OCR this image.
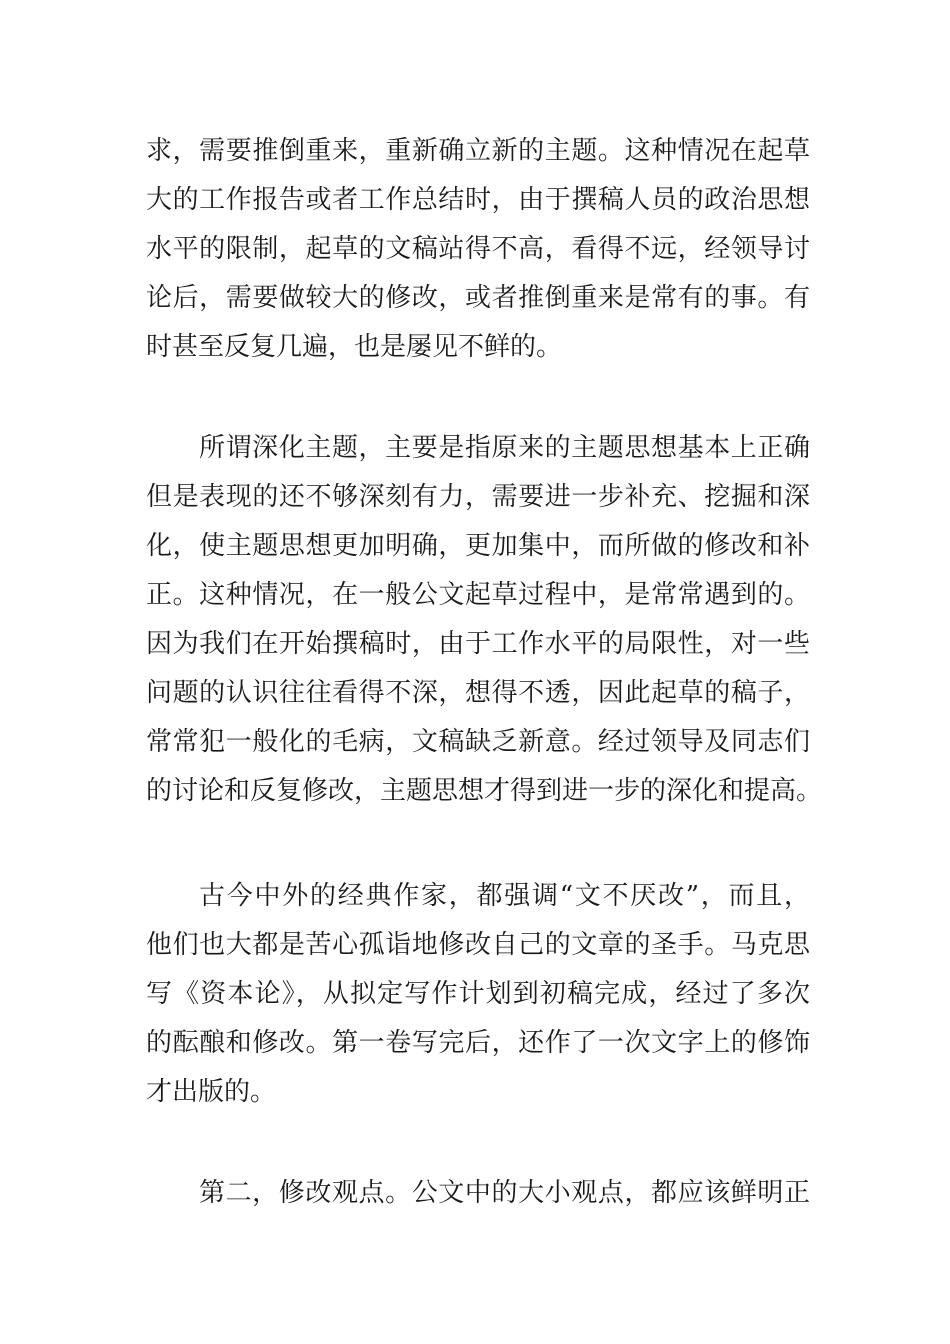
求，需要推倒重来，重新确立新的主题。这种情况在起草
大的工作报告或者工作总结时，由于撰稿人员的政治思想
水平的限制，起草的文稿站得不高，看得不远，经领导讨
论后，需要做较大的修改，或者推倒重来是常有的事。有
时甚至反复几遍，也是屡见不鲜的。
所谓深化主题，主要是指原来的主题思想基本上正确
但是表现的还不够深刻有力，需要进一步补充、挖掘和深
化，使主题思想更加明确，更加集中，而所做的修改和补
正。这种情况，在一般公文起草过程中，是常常遇到的。
因为我们在开始撰稿时，由于工作水平的局限性，对一些
问题的认识往往看得不深，想得不透，因此起草的稿子，
常常犯一般化的毛病，文稿缺乏新意。经过领导及同志们
的讨论和反复修改，主题思想才得到进一步的深化和提高。
古今中外的经典作家，都强调“文不厌改”，而且，
他们也大都是苦心孤诣地修改自己的文章的圣手。马克思
写《资本论》，从拟定写作计划到初稿完成，经过了多次
的酝酿和修改。第一卷写完后，还作了一次文字上的修饰
才出版的。
第二，修改观点。公文中的大小观点，都应该鲜明正
